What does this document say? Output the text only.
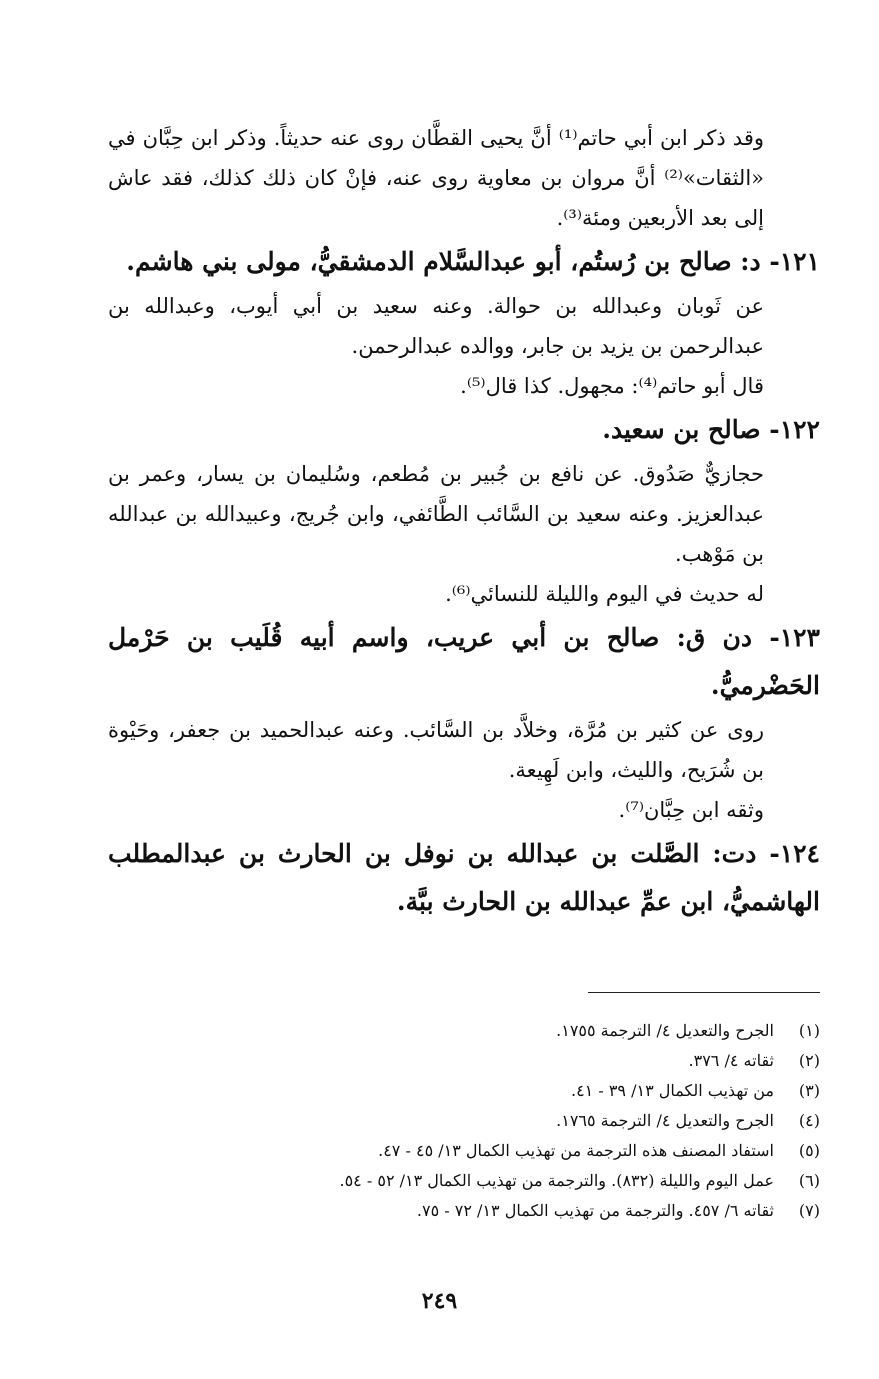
وقد ذكر ابن أبي حاتم⁽¹⁾ أنَّ يحيى القطَّان روى عنه حديثاً. وذكر ابن حِبَّان في «الثقات»⁽²⁾ أنَّ مروان بن معاوية روى عنه، فإنْ كان ذلك كذلك، فقد عاش إلى بعد الأربعين ومئة⁽³⁾.

١٢١- د: صالح بن رُستُم، أبو عبدالسَّلام الدمشقيُّ، مولى بني هاشم.

عن ثَوبان وعبدالله بن حوالة. وعنه سعيد بن أبي أيوب، وعبدالله بن عبدالرحمن بن يزيد بن جابر، ووالده عبدالرحمن.

قال أبو حاتم⁽⁴⁾: مجهول. كذا قال⁽⁵⁾.

١٢٢- صالح بن سعيد.

حجازيٌّ صَدُوق. عن نافع بن جُبير بن مُطعم، وسُليمان بن يسار، وعمر بن عبدالعزيز. وعنه سعيد بن السَّائب الطَّائفي، وابن جُريج، وعبيدالله بن عبدالله بن مَوْهب.

له حديث في اليوم والليلة للنسائي⁽⁶⁾.

١٢٣- دن ق: صالح بن أبي عريب، واسم أبيه قُلَيب بن حَرْمل الحَضْرميُّ.

روى عن كثير بن مُرَّة، وخلاَّد بن السَّائب. وعنه عبدالحميد بن جعفر، وحَيْوة بن شُرَيح، والليث، وابن لَهِيعة.

وثقه ابن حِبَّان⁽⁷⁾.

١٢٤- دت: الصَّلت بن عبدالله بن نوفل بن الحارث بن عبدالمطلب الهاشميُّ، ابن عمِّ عبدالله بن الحارث ببَّة.

(١)الجرح والتعديل ٤/ الترجمة ١٧٥٥.

(٢)ثقاته ٤/ ٣٧٦.

(٣)من تهذيب الكمال ١٣/ ٣٩ - ٤١.

(٤)الجرح والتعديل ٤/ الترجمة ١٧٦٥.

(٥)استفاد المصنف هذه الترجمة من تهذيب الكمال ١٣/ ٤٥ - ٤٧.

(٦)عمل اليوم والليلة (٨٣٢). والترجمة من تهذيب الكمال ١٣/ ٥٢ - ٥٤.

(٧)ثقاته ٦/ ٤٥٧. والترجمة من تهذيب الكمال ١٣/ ٧٢ - ٧٥.

٢٤٩
